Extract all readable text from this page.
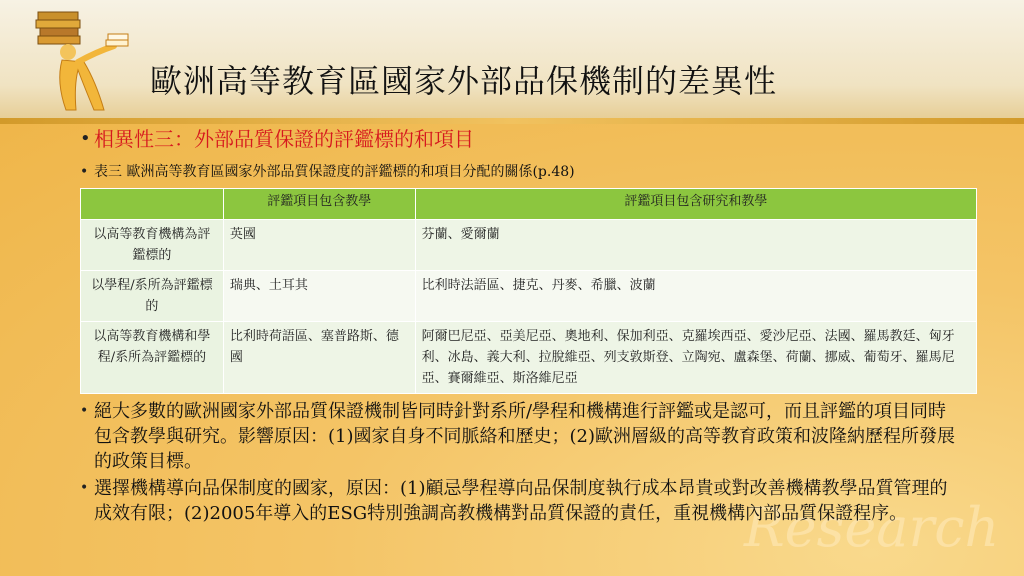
Research
歐洲高等教育區國家外部品保機制的差異性
• 相異性三：外部品質保證的評鑑標的和項目
• 表三 歐洲高等教育區國家外部品質保證度的評鑑標的和項目分配的關係(p.48)
	評鑑項目包含教學	評鑑項目包含研究和教學
以高等教育機構為評鑑標的	英國	芬蘭、愛爾蘭
以學程/系所為評鑑標的	瑞典、土耳其	比利時法語區、捷克、丹麥、希臘、波蘭
以高等教育機構和學程/系所為評鑑標的	比利時荷語區、塞普路斯、德國	阿爾巴尼亞、亞美尼亞、奧地利、保加利亞、克羅埃西亞、愛沙尼亞、法國、羅馬教廷、匈牙利、冰島、義大利、拉脫維亞、列支敦斯登、立陶宛、盧森堡、荷蘭、挪威、葡萄牙、羅馬尼亞、賽爾維亞、斯洛維尼亞
• 絕大多數的歐洲國家外部品質保證機制皆同時針對系所/學程和機構進行評鑑或是認可，而且評鑑的項目同時包含教學與研究。影響原因：(1)國家自身不同脈絡和歷史；(2)歐洲層級的高等教育政策和波隆納歷程所發展的政策目標。
• 選擇機構導向品保制度的國家，原因：(1)顧忌學程導向品保制度執行成本昂貴或對改善機構教學品質管理的成效有限；(2)2005年導入的ESG特別強調高教機構對品質保證的責任，重視機構內部品質保證程序。
